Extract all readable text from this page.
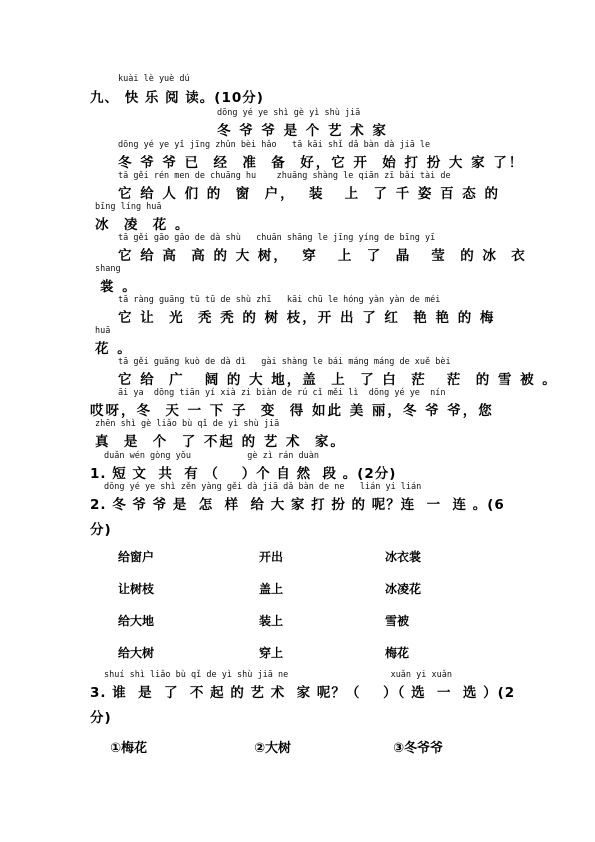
kuài lè yuè dú
九、 快 乐 阅 读。(10分)
dōng yé ye shì gè yì shù jiā
冬 爷 爷 是 个 艺 术 家
dōng yé ye yǐ jīng zhǔn bèi hǎo   tā kāi shǐ dǎ bàn dà jiā le
冬 爷 爷 已  经  准  备  好，它 开  始 打 扮 大 家 了！
tā gěi rén men de chuāng hu    zhuāng shàng le qiān zī bǎi tài de
它 给 人 们 的  窗  户，  装   上  了 千 姿 百 态 的
bīng líng huā
冰  凌  花 。
tā gěi gāo gāo de dà shù   chuān shāng le jīng yíng de bīng yī
它 给 高  高 的 大 树，  穿   上  了  晶   莹  的 冰  衣
shang
裳 。
tā ràng guāng tū tū de shù zhī   kāi chū le hóng yàn yàn de méi
它 让  光  秃 秃 的 树 枝，开 出 了 红  艳 艳 的 梅
huā
花 。
tā gěi guǎng kuò de dà dì   gài shàng le bái máng máng de xuě bèi
它 给  广   阔 的 大 地，盖  上  了 白  茫   茫  的 雪 被 。
āi ya  dōng tiān yí xià zi biàn de rú cǐ měi lì  dōng yé ye  nín
哎呀，冬  天 一 下 子  变  得 如此 美 丽，冬 爷 爷，您
zhēn shì gè liǎo bù qǐ de yì shù jiā
真  是  个  了 不起 的 艺 术  家。
duǎn wén gòng yǒu           gè zì rán duàn
1. 短 文  共  有 （    ）个 自 然  段 。(2分)
dōng yé ye shì zěn yàng gěi dà jiā dǎ bàn de ne   lián yi lián
2. 冬 爷 爷 是  怎  样  给 大 家 打 扮 的 呢？连  一  连 。(6
分)
给窗户
让树枝
给大地
给大树
开出
盖上
装上
穿上
冰衣裳
冰凌花
雪被
梅花
shuí shì liǎo bù qǐ de yì shù jiā ne                    xuǎn yi xuǎn
3. 谁  是  了  不 起 的 艺 术  家 呢？（    ）（ 选  一  选 ）(2
分)
①梅花	②大树	③冬爷爷
